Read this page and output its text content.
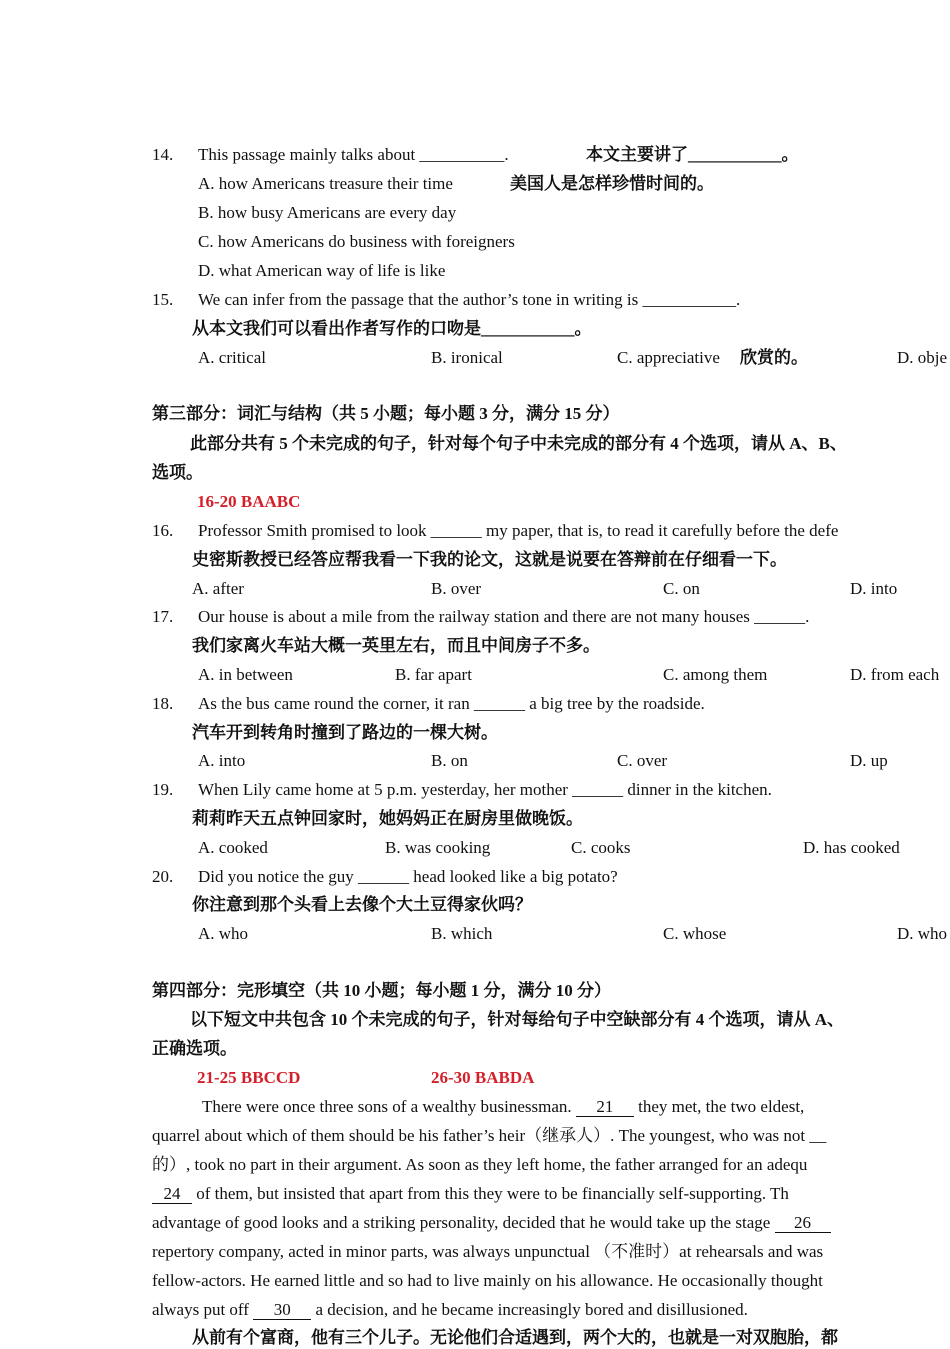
14. This passage mainly talks about __________.	本文主要讲了___________。
A. how Americans treasure their time	美国人是怎样珍惜时间的。
B. how busy Americans are every day
C. how Americans do business with foreigners
D. what American way of life is like
15. We can infer from the passage that the author’s tone in writing is ___________.
从本文我们可以看出作者写作的口吻是___________。
A. critical	B. ironical	C. appreciative 欣赏的。	D. obje
第三部分：词汇与结构（共 5 小题；每小题 3 分，满分 15 分）
此部分共有 5 个未完成的句子，针对每个句子中未完成的部分有 4 个选项，请从 A、B、
选项。
16-20 BAABC
16. Professor Smith promised to look ______ my paper, that is, to read it carefully before the defe
史密斯教授已经答应帮我看一下我的论文，这就是说要在答辩前在仔细看一下。
A. after	B. over	C. on	D. into
17. Our house is about a mile from the railway station and there are not many houses ______.
我们家离火车站大概一英里左右，而且中间房子不多。
A. in between	B. far apart	C. among them	D. from each
18. As the bus came round the corner, it ran ______ a big tree by the roadside.
汽车开到转角时撞到了路边的一棵大树。
A. into	B. on	C. over	D. up
19. When Lily came home at 5 p.m. yesterday, her mother ______ dinner in the kitchen.
莉莉昨天五点钟回家时，她妈妈正在厨房里做晚饭。
A. cooked	B. was cooking	C. cooks	D. has cooked
20. Did you notice the guy ______ head looked like a big potato?
你注意到那个头看上去像个大土豆得家伙吗？
A. who	B. which	C. whose	D. who
第四部分：完形填空（共 10 小题；每小题 1 分，满分 10 分）
以下短文中共包含 10 个未完成的句子，针对每给句子中空缺部分有 4 个选项，请从 A、
正确选项。
21-25 BBCCD	26-30 BABDA
There were once three sons of a wealthy businessman. 21 they met, the two eldest,
quarrel about which of them should be his father’s heir（继承人）. The youngest, who was not __
的）, took no part in their argument. As soon as they left home, the father arranged for an adequ
24 of them, but insisted that apart from this they were to be financially self-supporting. Th
advantage of good looks and a striking personality, decided that he would take up the stage 26
repertory company, acted in minor parts, was always unpunctual （不准时）at rehearsals and was
fellow-actors. He earned little and so had to live mainly on his allowance. He occasionally thought
always put off 30 a decision, and he became increasingly bored and disillusioned.
从前有个富商，他有三个儿子。无论他们合适遇到，两个大的，也就是一对双胞胎，都
